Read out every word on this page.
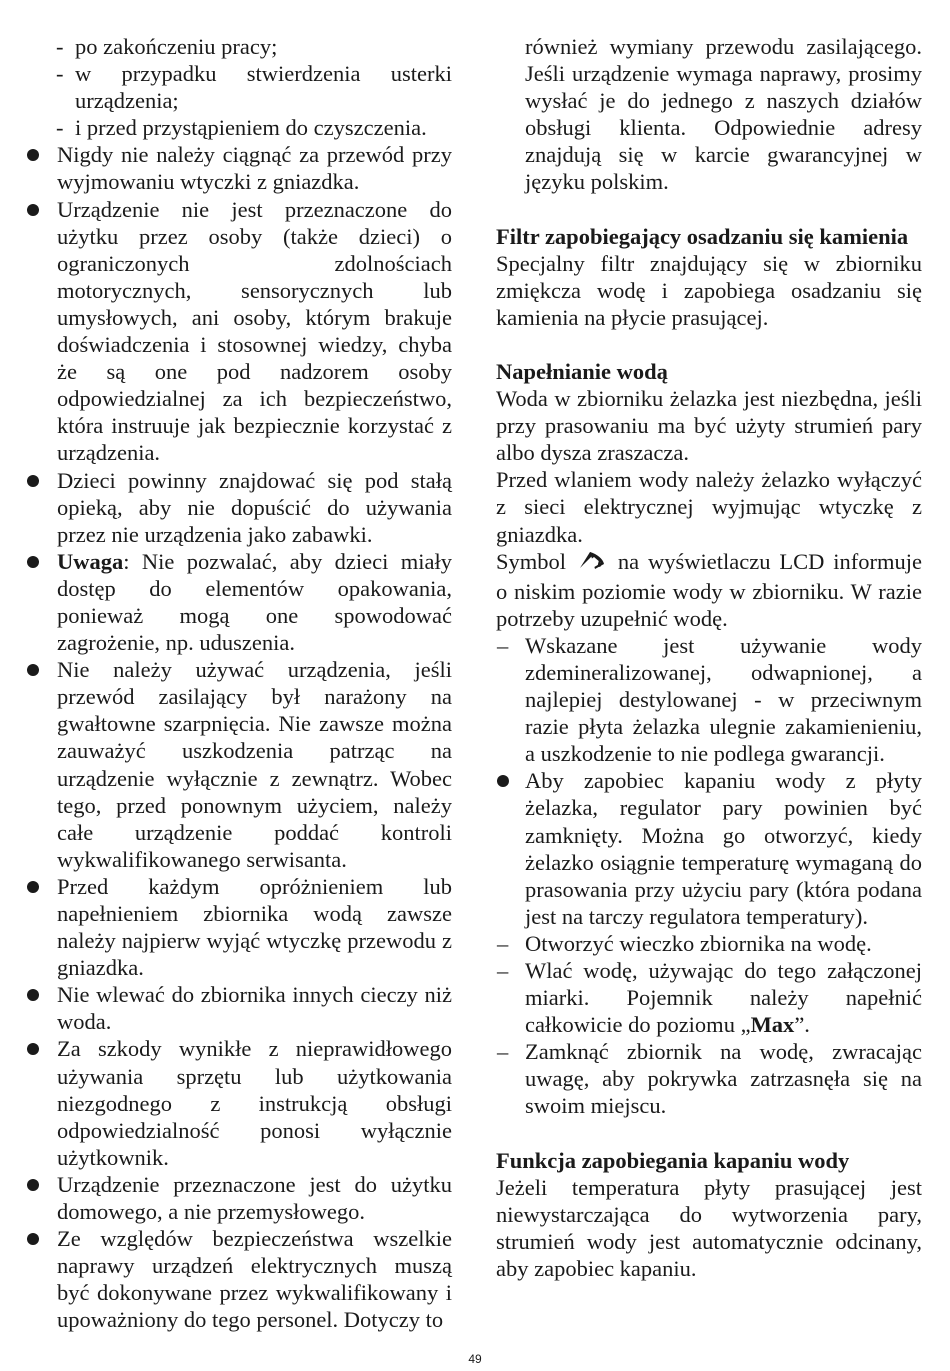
- po zakończeniu pracy;
- w przypadku stwierdzenia usterki urządzenia;
- i przed przystąpieniem do czyszczenia.
Nigdy nie należy ciągnąć za przewód przy wyjmowaniu wtyczki z gniazdka.
Urządzenie nie jest przeznaczone do użytku przez osoby (także dzieci) o ograniczonych zdolnościach motorycznych, sensorycznych lub umysłowych, ani osoby, którym brakuje doświadczenia i stosownej wiedzy, chyba że są one pod nadzorem osoby odpowiedzialnej za ich bezpieczeństwo, która instruuje jak bezpiecznie korzystać z urządzenia.
Dzieci powinny znajdować się pod stałą opieką, aby nie dopuścić do używania przez nie urządzenia jako zabawki.
Uwaga: Nie pozwalać, aby dzieci miały dostęp do elementów opakowania, ponieważ mogą one spowodować zagrożenie, np. uduszenia.
Nie należy używać urządzenia, jeśli przewód zasilający był narażony na gwałtowne szarpnięcia. Nie zawsze można zauważyć uszkodzenia patrząc na urządzenie wyłącznie z zewnątrz. Wobec tego, przed ponownym użyciem, należy całe urządzenie poddać kontroli wykwalifikowanego serwisanta.
Przed każdym opróżnieniem lub napełnieniem zbiornika wodą zawsze należy najpierw wyjąć wtyczkę przewodu z gniazdka.
Nie wlewać do zbiornika innych cieczy niż woda.
Za szkody wynikłe z nieprawidłowego używania sprzętu lub użytkowania niezgodnego z instrukcją obsługi odpowiedzialność ponosi wyłącznie użytkownik.
Urządzenie przeznaczone jest do użytku domowego, a nie przemysłowego.
Ze względów bezpieczeństwa wszelkie naprawy urządzeń elektrycznych muszą być dokonywane przez wykwalifikowany i upoważniony do tego personel. Dotyczy to

również wymiany przewodu zasilającego. Jeśli urządzenie wymaga naprawy, prosimy wysłać je do jednego z naszych działów obsługi klienta. Odpowiednie adresy znajdują się w karcie gwarancyjnej w języku polskim.

Filtr zapobiegający osadzaniu się kamienia

Specjalny filtr znajdujący się w zbiorniku zmiękcza wodę i zapobiega osadzaniu się kamienia na płycie prasującej.

Napełnianie wodą

Woda w zbiorniku żelazka jest niezbędna, jeśli przy prasowaniu ma być użyty strumień pary albo dysza zraszacza.

Przed wlaniem wody należy żelazko wyłączyć z sieci elektrycznej wyjmując wtyczkę z gniazdka.

Symbol na wyświetlaczu LCD informuje o niskim poziomie wody w zbiorniku. W razie potrzeby uzupełnić wodę.

– Wskazane jest używanie wody zdemineralizowanej, odwapnionej, a najlepiej destylowanej - w przeciwnym razie płyta żelazka ulegnie zakamienieniu, a uszkodzenie to nie podlega gwarancji.
Aby zapobiec kapaniu wody z płyty żelazka, regulator pary powinien być zamknięty. Można go otworzyć, kiedy żelazko osiągnie temperaturę wymaganą do prasowania przy użyciu pary (która podana jest na tarczy regulatora temperatury).
– Otworzyć wieczko zbiornika na wodę.
– Wlać wodę, używając do tego załączonej miarki. Pojemnik należy napełnić całkowicie do poziomu „Max”.
– Zamknąć zbiornik na wodę, zwracając uwagę, aby pokrywka zatrzasnęła się na swoim miejscu.

Funkcja zapobiegania kapaniu wody

Jeżeli temperatura płyty prasującej jest niewystarczająca do wytworzenia pary, strumień wody jest automatycznie odcinany, aby zapobiec kapaniu.

49
